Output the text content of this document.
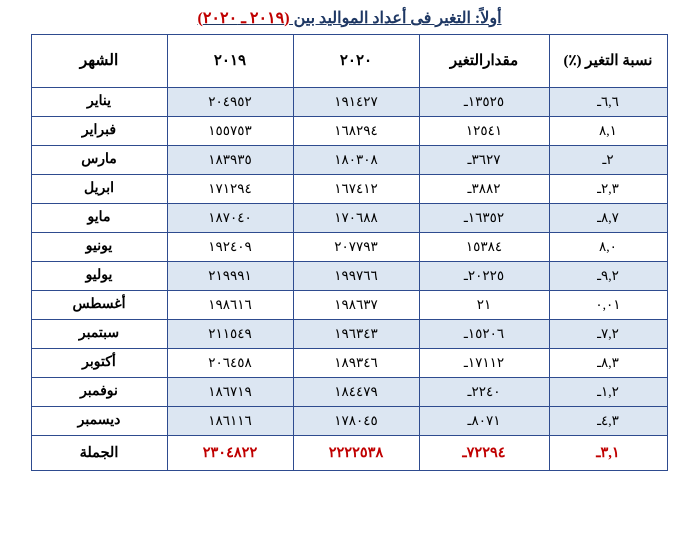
أولاً: التغير فى أعداد المواليد بين (٢٠١٩ ـ ٢٠٢٠)
نسبة التغير (٪)	مقدارالتغير	٢٠٢٠	٢٠١٩	الشهر
٦,٦ـ	١٣٥٢٥ـ	١٩١٤٢٧	٢٠٤٩٥٢	يناير
٨,١	١٢٥٤١	١٦٨٢٩٤	١٥٥٧٥٣	فبراير
٢ـ	٣٦٢٧ـ	١٨٠٣٠٨	١٨٣٩٣٥	مارس
٢,٣ـ	٣٨٨٢ـ	١٦٧٤١٢	١٧١٢٩٤	ابريل
٨,٧ـ	١٦٣٥٢ـ	١٧٠٦٨٨	١٨٧٠٤٠	مايو
٨,٠	١٥٣٨٤	٢٠٧٧٩٣	١٩٢٤٠٩	يونيو
٩,٢ـ	٢٠٢٢٥ـ	١٩٩٧٦٦	٢١٩٩٩١	يوليو
٠,٠١	٢١	١٩٨٦٣٧	١٩٨٦١٦	أغسطس
٧,٢ـ	١٥٢٠٦ـ	١٩٦٣٤٣	٢١١٥٤٩	سبتمبر
٨,٣ـ	١٧١١٢ـ	١٨٩٣٤٦	٢٠٦٤٥٨	أكتوبر
١,٢ـ	٢٢٤٠ـ	١٨٤٤٧٩	١٨٦٧١٩	نوفمبر
٤,٣ـ	٨٠٧١ـ	١٧٨٠٤٥	١٨٦١١٦	ديسمبر
٣,١ـ	٧٢٢٩٤ـ	٢٢٢٢٥٣٨	٢٣٠٤٨٢٢	الجملة
